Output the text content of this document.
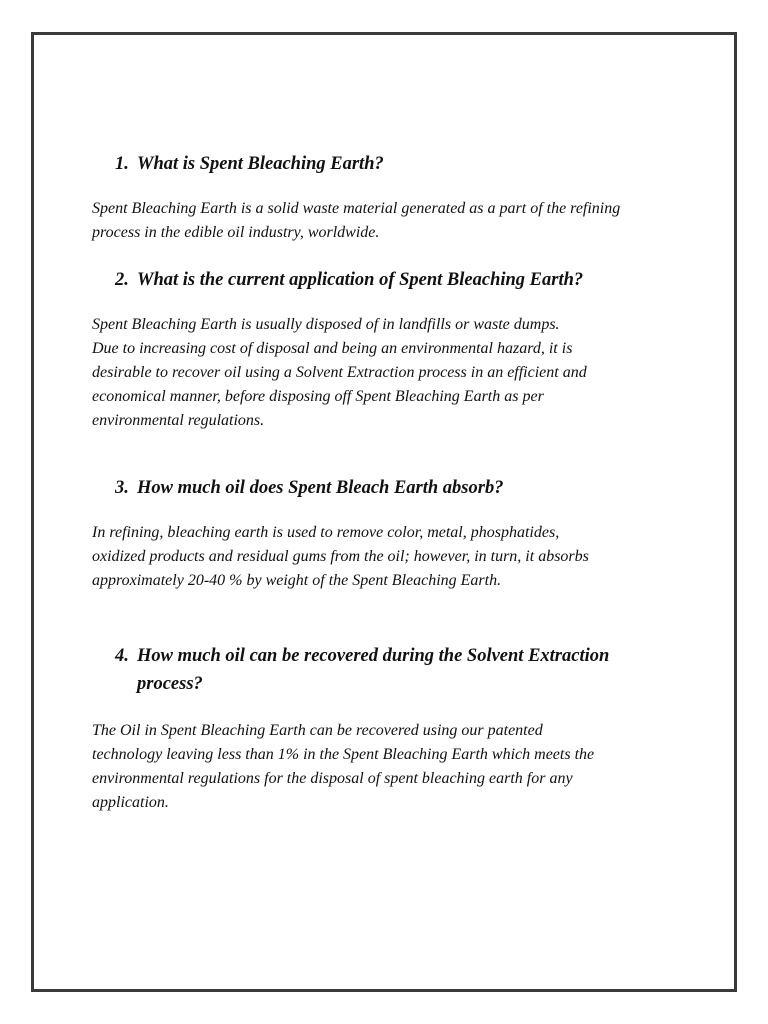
1. What is Spent Bleaching Earth?
Spent Bleaching Earth is a solid waste material generated as a part of the refining
process in the edible oil industry, worldwide.
2. What is the current application of Spent Bleaching Earth?
Spent Bleaching Earth is usually disposed of in landfills or waste dumps.
Due to increasing cost of disposal and being an environmental hazard, it is
desirable to recover oil using a Solvent Extraction process in an efficient and
economical manner, before disposing off Spent Bleaching Earth as per
environmental regulations.
3. How much oil does Spent Bleach Earth absorb?
In refining, bleaching earth is used to remove color, metal, phosphatides,
oxidized products and residual gums from the oil; however, in turn, it absorbs
approximately 20-40 % by weight of the Spent Bleaching Earth.
4. How much oil can be recovered during the Solvent Extraction
process?
The Oil in Spent Bleaching Earth can be recovered using our patented
technology leaving less than 1% in the Spent Bleaching Earth which meets the
environmental regulations for the disposal of spent bleaching earth for any
application.
